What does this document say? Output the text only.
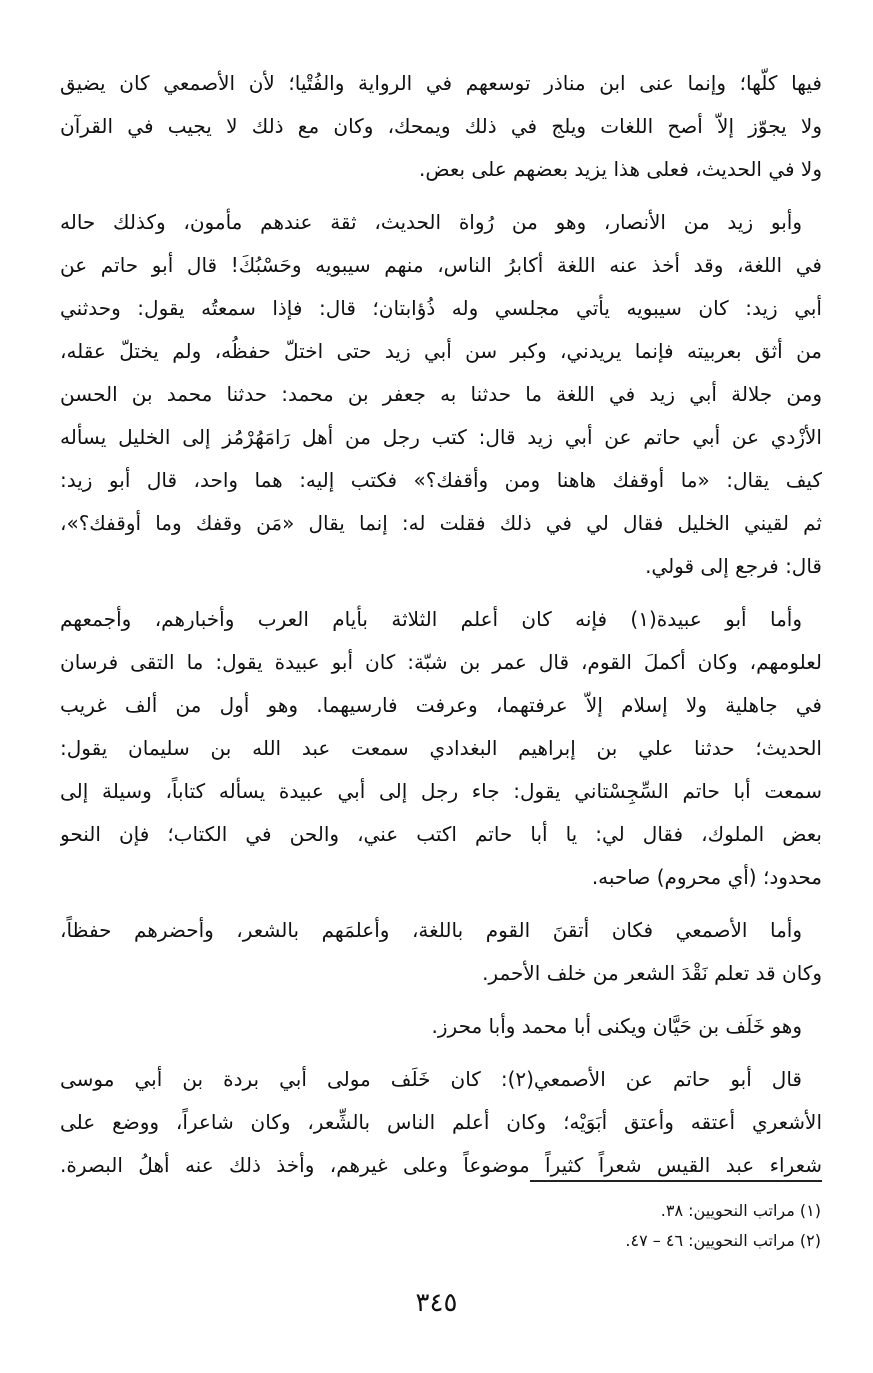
فيها كلّها؛ وإنما عنى ابن مناذر توسعهم في الرواية والفُتْيا؛ لأن الأصمعي كان يضيق
ولا يجوّز إلاّ أصح اللغات ويلج في ذلك ويمحك، وكان مع ذلك لا يجيب في القرآن
ولا في الحديث، فعلى هذا يزيد بعضهم على بعض.
وأبو زيد من الأنصار، وهو من رُواة الحديث، ثقة عندهم مأمون، وكذلك حاله
في اللغة، وقد أخذ عنه اللغة أكابرُ الناس، منهم سيبويه وحَسْبُكَ! قال أبو حاتم عن
أبي زيد: كان سيبويه يأتي مجلسي وله ذُؤابتان؛ قال: فإذا سمعتُه يقول: وحدثني
من أثق بعربيته فإنما يريدني، وكبر سن أبي زيد حتى اختلّ حفظُه، ولم يختلّ عقله،
ومن جلالة أبي زيد في اللغة ما حدثنا به جعفر بن محمد: حدثنا محمد بن الحسن
الأزْدي عن أبي حاتم عن أبي زيد قال: كتب رجل من أهل رَامَهُرْمُز إلى الخليل يسأله
كيف يقال: «ما أوقفك هاهنا ومن وأقفك؟» فكتب إليه: هما واحد، قال أبو زيد:
ثم لقيني الخليل فقال لي في ذلك فقلت له: إنما يقال «مَن وقفك وما أوقفك؟»،
قال: فرجع إلى قولي.
وأما أبو عبيدة(١) فإنه كان أعلم الثلاثة بأيام العرب وأخبارهم، وأجمعهم
لعلومهم، وكان أكملَ القوم، قال عمر بن شبّة: كان أبو عبيدة يقول: ما التقى فرسان
في جاهلية ولا إسلام إلاّ عرفتهما، وعرفت فارسيهما. وهو أول من ألف غريب
الحديث؛ حدثنا علي بن إبراهيم البغدادي سمعت عبد الله بن سليمان يقول:
سمعت أبا حاتم السِّجِسْتاني يقول: جاء رجل إلى أبي عبيدة يسأله كتاباً، وسيلة إلى
بعض الملوك، فقال لي: يا أبا حاتم اكتب عني، والحن في الكتاب؛ فإن النحو
محدود؛ (أي محروم) صاحبه.
وأما الأصمعي فكان أتقنَ القوم باللغة، وأعلمَهم بالشعر، وأحضرهم حفظاً،
وكان قد تعلم نَقْدَ الشعر من خلف الأحمر.
وهو خَلَف بن حَيَّان ويكنى أبا محمد وأبا محرز.
قال أبو حاتم عن الأصمعي(٢): كان خَلَف مولى أبي بردة بن أبي موسى
الأشعري أعتقه وأعتق أبَوَيْه؛ وكان أعلم الناس بالشِّعر، وكان شاعراً، ووضع على
شعراء عبد القيس شعراً كثيراً موضوعاً وعلى غيرهم، وأخذ ذلك عنه أهلُ البصرة.
(١) مراتب النحويين: ٣٨.
(٢) مراتب النحويين: ٤٦ – ٤٧.
٣٤٥
